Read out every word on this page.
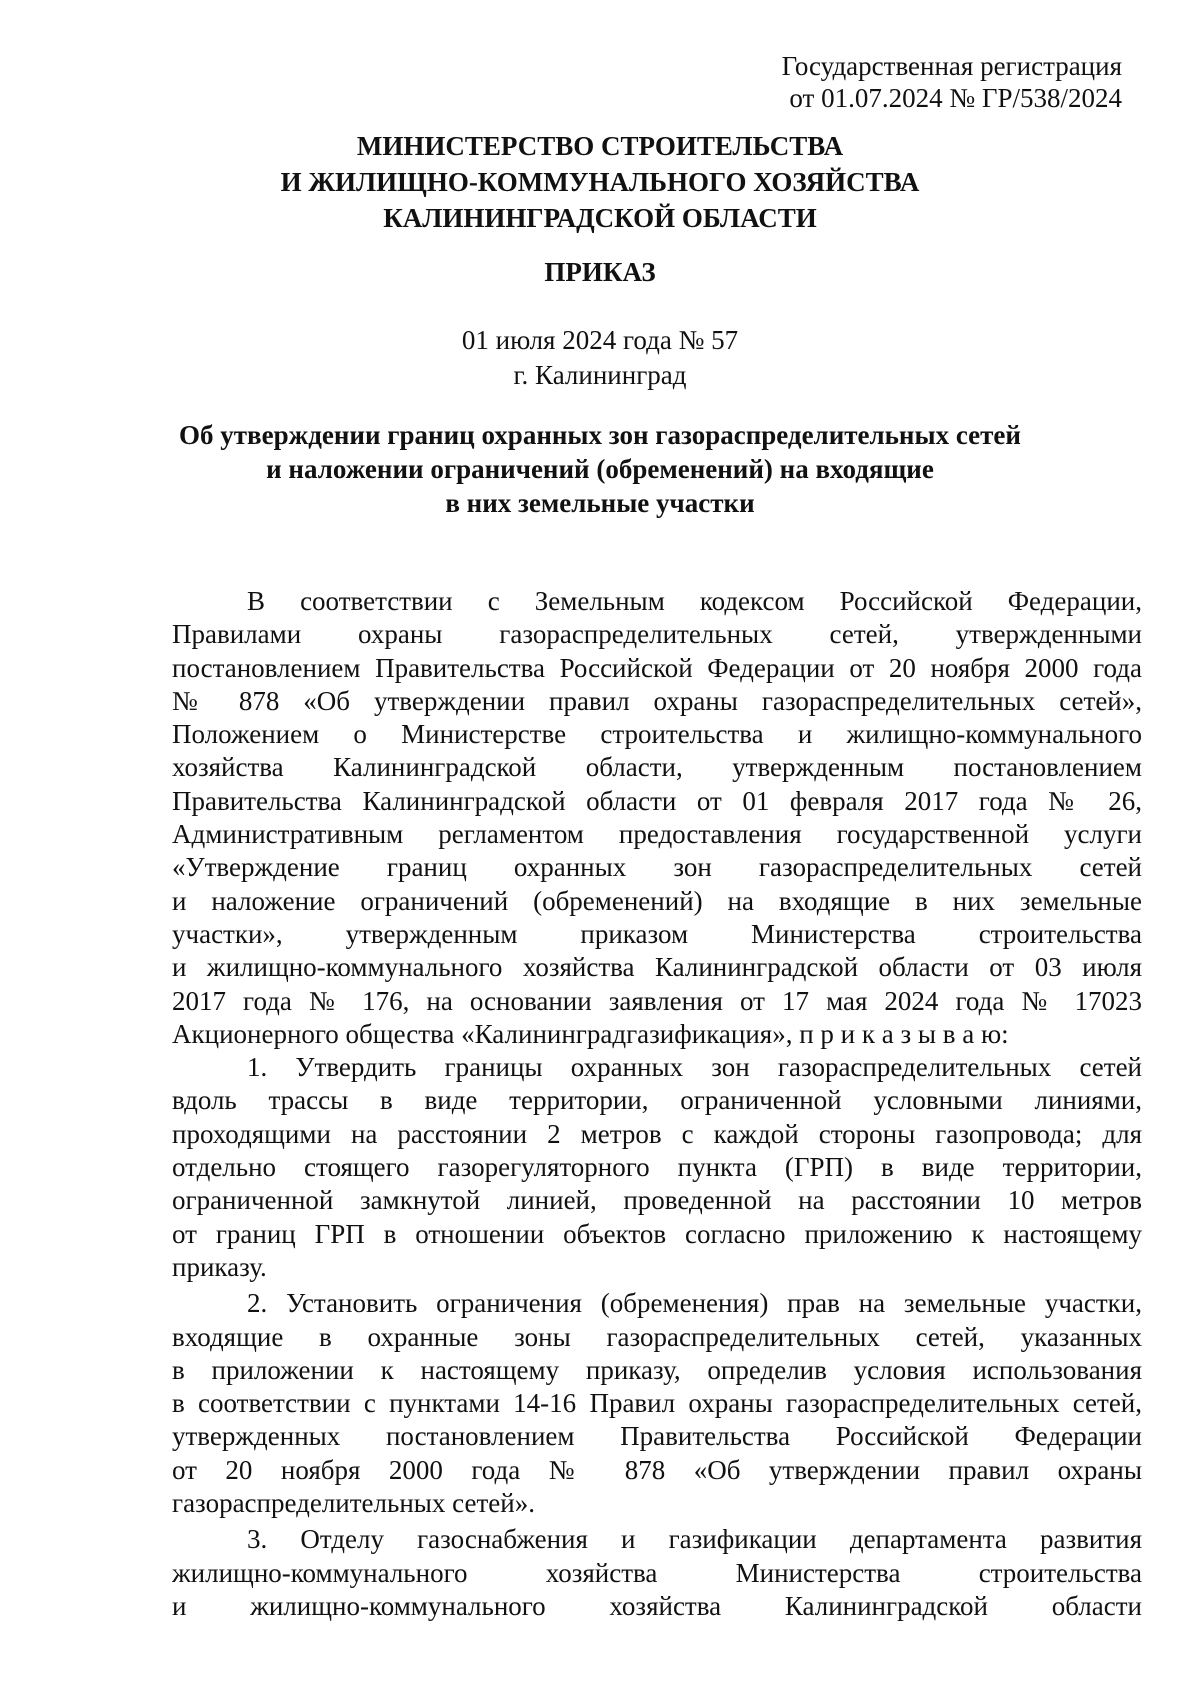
Государственная регистрация
от 01.07.2024 № ГР/538/2024
МИНИСТЕРСТВО СТРОИТЕЛЬСТВА
И ЖИЛИЩНО-КОММУНАЛЬНОГО ХОЗЯЙСТВА
КАЛИНИНГРАДСКОЙ ОБЛАСТИ
ПРИКАЗ
01 июля 2024 года № 57
г. Калининград
Об утверждении границ охранных зон газораспределительных сетей
и наложении ограничений (обременений) на входящие
в них земельные участки
В соответствии с Земельным кодексом Российской Федерации,
Правилами охраны газораспределительных сетей, утвержденными
постановлением Правительства Российской Федерации от 20 ноября 2000 года
№ 878 «Об утверждении правил охраны газораспределительных сетей»,
Положением о Министерстве строительства и жилищно-коммунального
хозяйства Калининградской области, утвержденным постановлением
Правительства Калининградской области от 01 февраля 2017 года № 26,
Административным регламентом предоставления государственной услуги
«Утверждение границ охранных зон газораспределительных сетей
и наложение ограничений (обременений) на входящие в них земельные
участки», утвержденным приказом Министерства строительства
и жилищно-коммунального хозяйства Калининградской области от 03 июля
2017 года № 176, на основании заявления от 17 мая 2024 года № 17023
Акционерного общества «Калининградгазификация», п р и к а з ы в а ю:
1. Утвердить границы охранных зон газораспределительных сетей
вдоль трассы в виде территории, ограниченной условными линиями,
проходящими на расстоянии 2 метров с каждой стороны газопровода; для
отдельно стоящего газорегуляторного пункта (ГРП) в виде территории,
ограниченной замкнутой линией, проведенной на расстоянии 10 метров
от границ ГРП в отношении объектов согласно приложению к настоящему
приказу.
2. Установить ограничения (обременения) прав на земельные участки,
входящие в охранные зоны газораспределительных сетей, указанных
в приложении к настоящему приказу, определив условия использования
в соответствии с пунктами 14-16 Правил охраны газораспределительных сетей,
утвержденных постановлением Правительства Российской Федерации
от 20 ноября 2000 года № 878 «Об утверждении правил охраны
газораспределительных сетей».
3. Отделу газоснабжения и газификации департамента развития
жилищно-коммунального хозяйства Министерства строительства
и жилищно-коммунального хозяйства Калининградской области
